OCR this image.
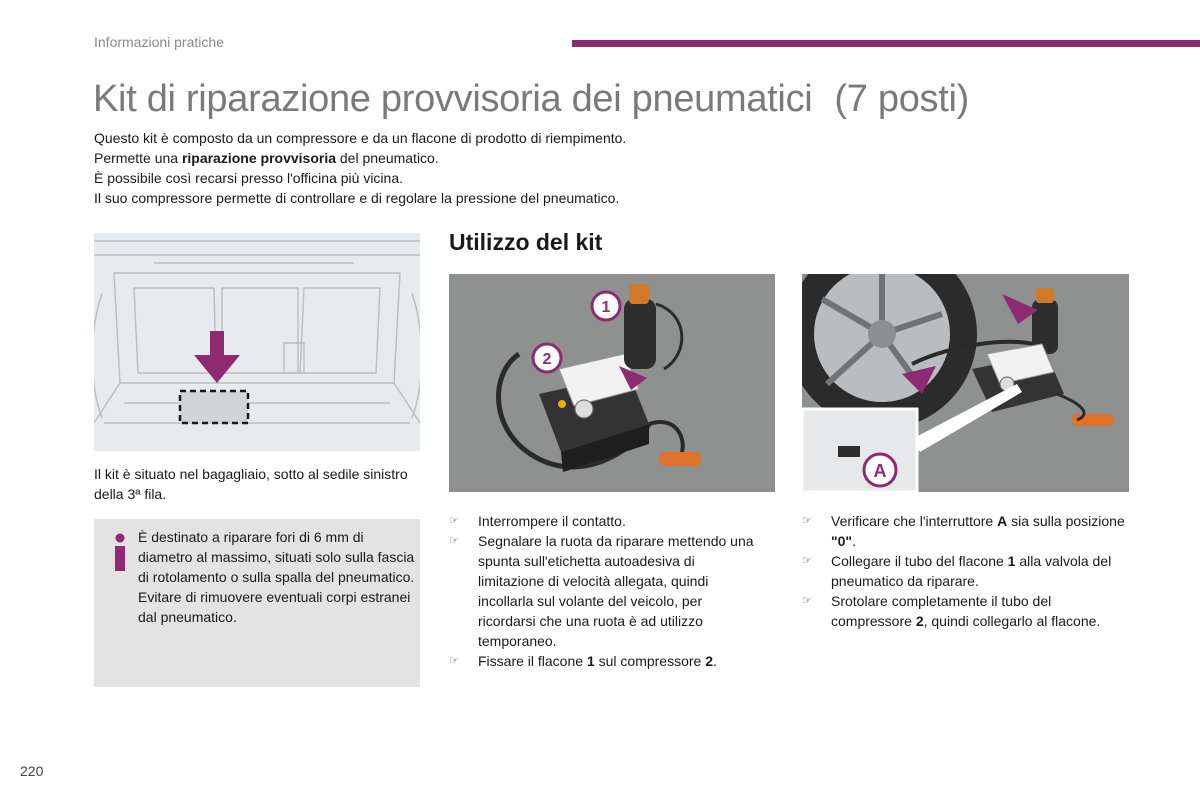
Informazioni pratiche
Kit di riparazione provvisoria dei pneumatici (7 posti)

Questo kit è composto da un compressore e da un flacone di prodotto di riempimento.

Permette una riparazione provvisoria del pneumatico.

È possibile così recarsi presso l'officina più vicina.

Il suo compressore permette di controllare e di regolare la pressione del pneumatico.

Il kit è situato nel bagagliaio, sotto al sedile sinistro della 3ª fila.
È destinato a riparare fori di 6 mm di diametro al massimo, situati solo sulla fascia di rotolamento o sulla spalla del pneumatico. Evitare di rimuovere eventuali corpi estranei dal pneumatico.
Utilizzo del kit
1
2
A
☞ Interrompere il contatto.
☞ Segnalare la ruota da riparare mettendo una spunta sull'etichetta autoadesiva di limitazione di velocità allegata, quindi incollarla sul volante del veicolo, per ricordarsi che una ruota è ad utilizzo temporaneo.
☞ Fissare il flacone 1 sul compressore 2.
☞ Verificare che l'interruttore A sia sulla posizione "0".
☞ Collegare il tubo del flacone 1 alla valvola del pneumatico da riparare.
☞ Srotolare completamente il tubo del compressore 2, quindi collegarlo al flacone.
220
